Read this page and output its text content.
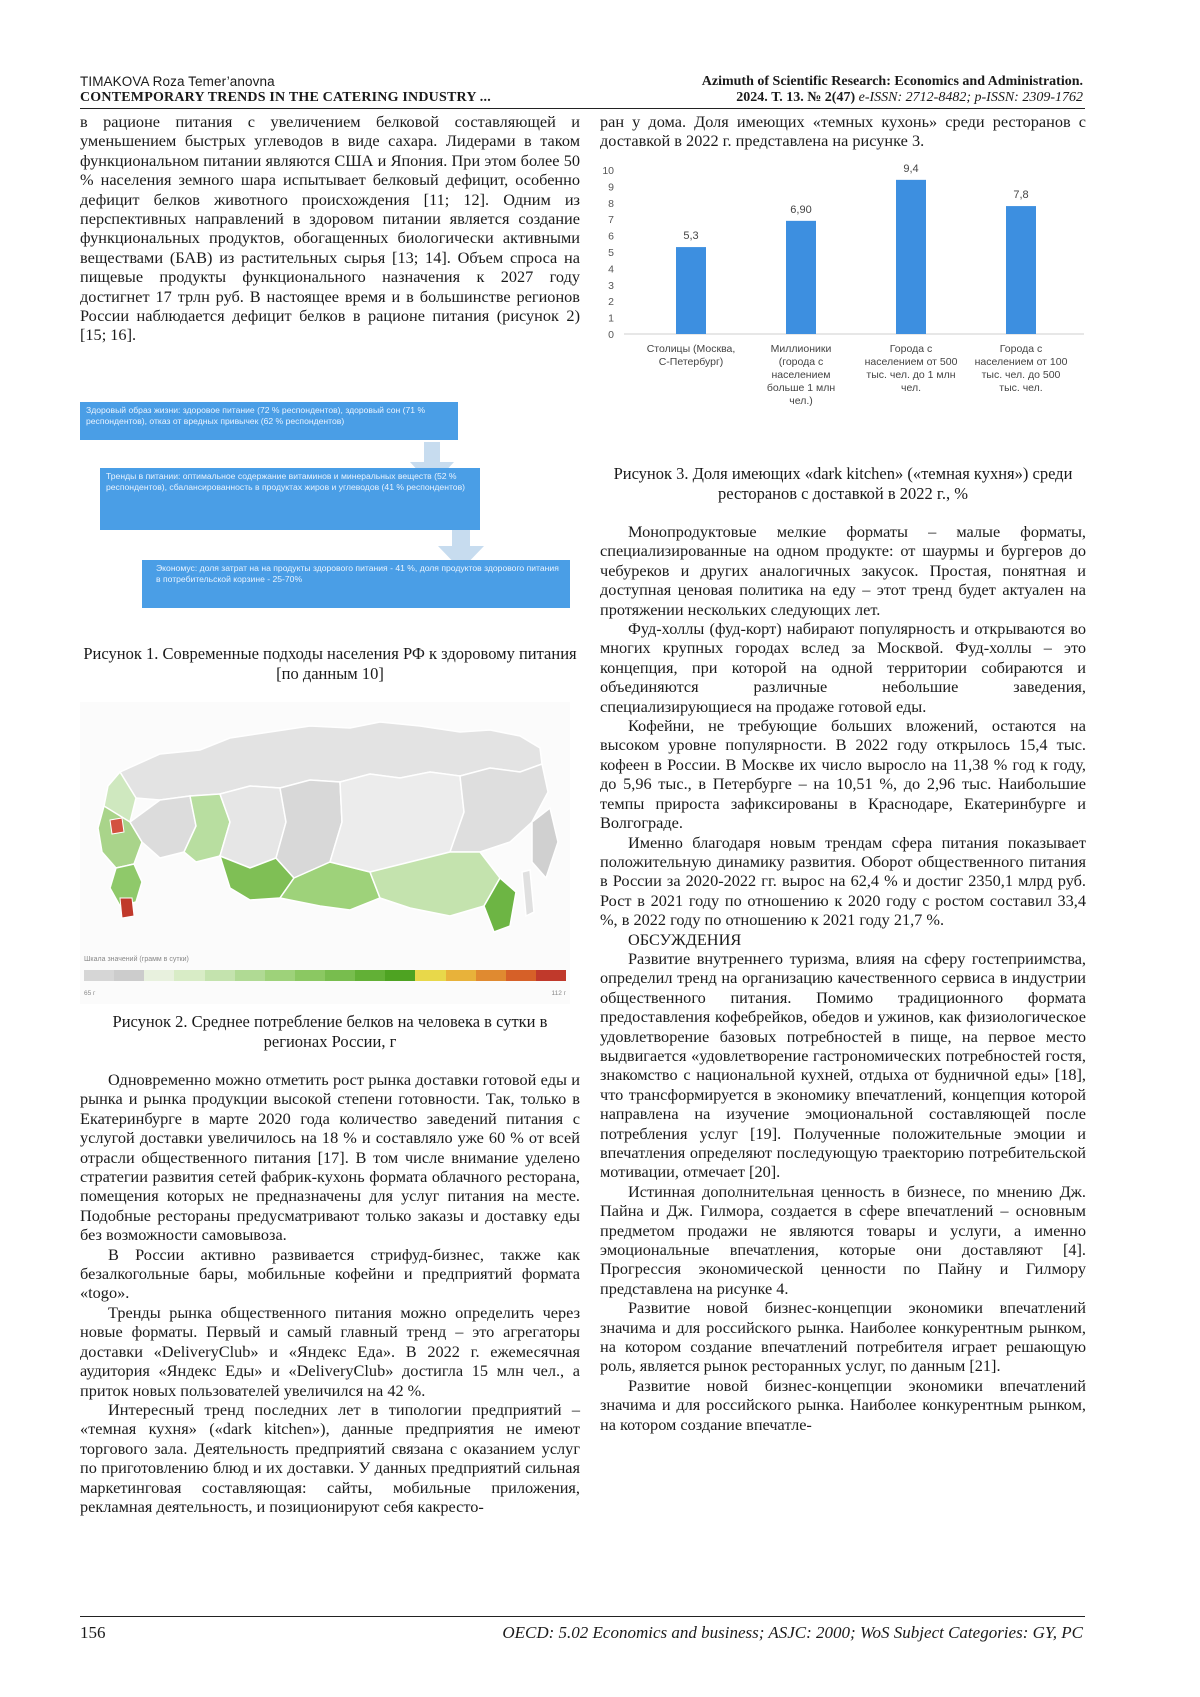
TIMAKOVA Roza Temer’anovna
CONTEMPORARY TRENDS IN THE CATERING INDUSTRY ...
Azimuth of Scientific Research: Economics and Administration.
2024. Т. 13. № 2(47) e-ISSN: 2712-8482; p-ISSN: 2309-1762

в рационе питания с увеличением белковой составляющей и уменьшением быстрых углеводов в виде сахара. Лидерами в таком функциональном питании являются США и Япония. При этом более 50 % населения земного шара испытывает белковый дефицит, особенно дефицит белков животного происхождения [11; 12]. Одним из перспективных направлений в здоровом питании является создание функциональных продуктов, обогащенных биологически активными веществами (БАВ) из растительных сырья [13; 14]. Объем спроса на пищевые продукты функционального назначения к 2027 году достигнет 17 трлн руб. В настоящее время и в большинстве регионов России наблюдается дефицит белков в рационе питания (рисунок 2) [15; 16].

Здоровый образ жизни: здоровое питание (72 % респондентов), здоровый сон (71 % респондентов), отказ от вредных привычек (62 % респондентов)
Тренды в питании: оптимальное содержание витаминов и минеральных веществ (52 % респондентов), сбалансированность в продуктах жиров и углеводов (41 % респондентов)
Экономус: доля затрат на на продукты здорового питания - 41 %, доля продуктов здорового питания в потребительской корзине - 25-70%
Рисунок 1. Современные подходы населения РФ к здоровому питания [по данным 10]
Шкала значений (грамм в сутки)
65 г	112 г
Рисунок 2. Среднее потребление белков на человека в сутки в регионах России, г

Одновременно можно отметить рост рынка доставки готовой еды и рынка и рынка продукции высокой степени готовности. Так, только в Екатеринбурге в марте 2020 года количество заведений питания с услугой доставки увеличилось на 18 % и составляло уже 60 % от всей отрасли общественного питания [17]. В том числе внимание уделено стратегии развития сетей фабрик-кухонь формата облачного ресторана, помещения которых не предназначены для услуг питания на месте. Подобные рестораны предусматривают только заказы и доставку еды без возможности самовывоза.

В России активно развивается стрифуд-бизнес, также как безалкогольные бары, мобильные кофейни и предприятий формата «togo».

Тренды рынка общественного питания можно определить через новые форматы. Первый и самый главный тренд – это агрегаторы доставки «DeliveryClub» и «Яндекс Еда». В 2022 г. ежемесячная аудитория «Яндекс Еды» и «DeliveryClub» достигла 15 млн чел., а приток новых пользователей увеличился на 42 %.

Интересный тренд последних лет в типологии предприятий – «темная кухня» («dark kitchen»), данные предприятия не имеют торгового зала. Деятельность предприятий связана с оказанием услуг по приготовлению блюд и их доставки. У данных предприятий сильная маркетинговая составляющая: сайты, мобильные приложения, рекламная деятельность, и позиционируют себя какресто-

ран у дома. Доля имеющих «темных кухонь» среди ресторанов с доставкой в 2022 г. представлена на рисунке 3.

0
1
2
3
4
5
6
7
8
9
10
5,3
Столицы (Москва,
С-Петербург)
6,90
Миллионики
(города с
населением
больше 1 млн
чел.)
9,4
Города с
населением от 500
тыс. чел. до 1 млн
чел.
7,8
Города с
населением от 100
тыс. чел. до 500
тыс. чел.
Рисунок 3. Доля имеющих «dark kitchen» («темная кухня») среди ресторанов с доставкой в 2022 г., %

Монопродуктовые мелкие форматы – малые форматы, специализированные на одном продукте: от шаурмы и бургеров до чебуреков и других аналогичных закусок. Простая, понятная и доступная ценовая политика на еду – этот тренд будет актуален на протяжении нескольких следующих лет.

Фуд-холлы (фуд-корт) набирают популярность и открываются во многих крупных городах вслед за Москвой. Фуд-холлы – это концепция, при которой на одной территории собираются и объединяются различные небольшие заведения, специализирующиеся на продаже готовой еды.

Кофейни, не требующие больших вложений, остаются на высоком уровне популярности. В 2022 году открылось 15,4 тыс. кофеен в России. В Москве их число выросло на 11,38 % год к году, до 5,96 тыс., в Петербурге – на 10,51 %, до 2,96 тыс. Наибольшие темпы прироста зафиксированы в Краснодаре, Екатеринбурге и Волгограде.

Именно благодаря новым трендам сфера питания показывает положительную динамику развития. Оборот общественного питания в России за 2020-2022 гг. вырос на 62,4 % и достиг 2350,1 млрд руб. Рост в 2021 году по отношению к 2020 году с ростом составил 33,4 %, в 2022 году по отношению к 2021 году 21,7 %.

ОБСУЖДЕНИЯ

Развитие внутреннего туризма, влияя на сферу гостеприимства, определил тренд на организацию качественного сервиса в индустрии общественного питания. Помимо традиционного формата предоставления кофебрейков, обедов и ужинов, как физиологическое удовлетворение базовых потребностей в пище, на первое место выдвигается «удовлетворение гастрономических потребностей гостя, знакомство с национальной кухней, отдыха от будничной еды» [18], что трансформируется в экономику впечатлений, концепция которой направлена на изучение эмоциональной составляющей после потребления услуг [19]. Полученные положительные эмоции и впечатления определяют последующую траекторию потребительской мотивации, отмечает [20].

Истинная дополнительная ценность в бизнесе, по мнению Дж. Пайна и Дж. Гилмора, создается в сфере впечатлений – основным предметом продажи не являются товары и услуги, а именно эмоциональные впечатления, которые они доставляют [4]. Прогрессия экономической ценности по Пайну и Гилмору представлена на рисунке 4.

Развитие новой бизнес-концепции экономики впечатлений значима и для российского рынка. Наиболее конкурентным рынком, на котором создание впечатлений потребителя играет решающую роль, является рынок ресторанных услуг, по данным [21].

Развитие новой бизнес-концепции экономики впечатлений значима и для российского рынка. Наиболее конкурентным рынком, на котором создание впечатле-

156	OECD: 5.02 Economics and business; ASJC: 2000; WoS Subject Categories: GY, PC
